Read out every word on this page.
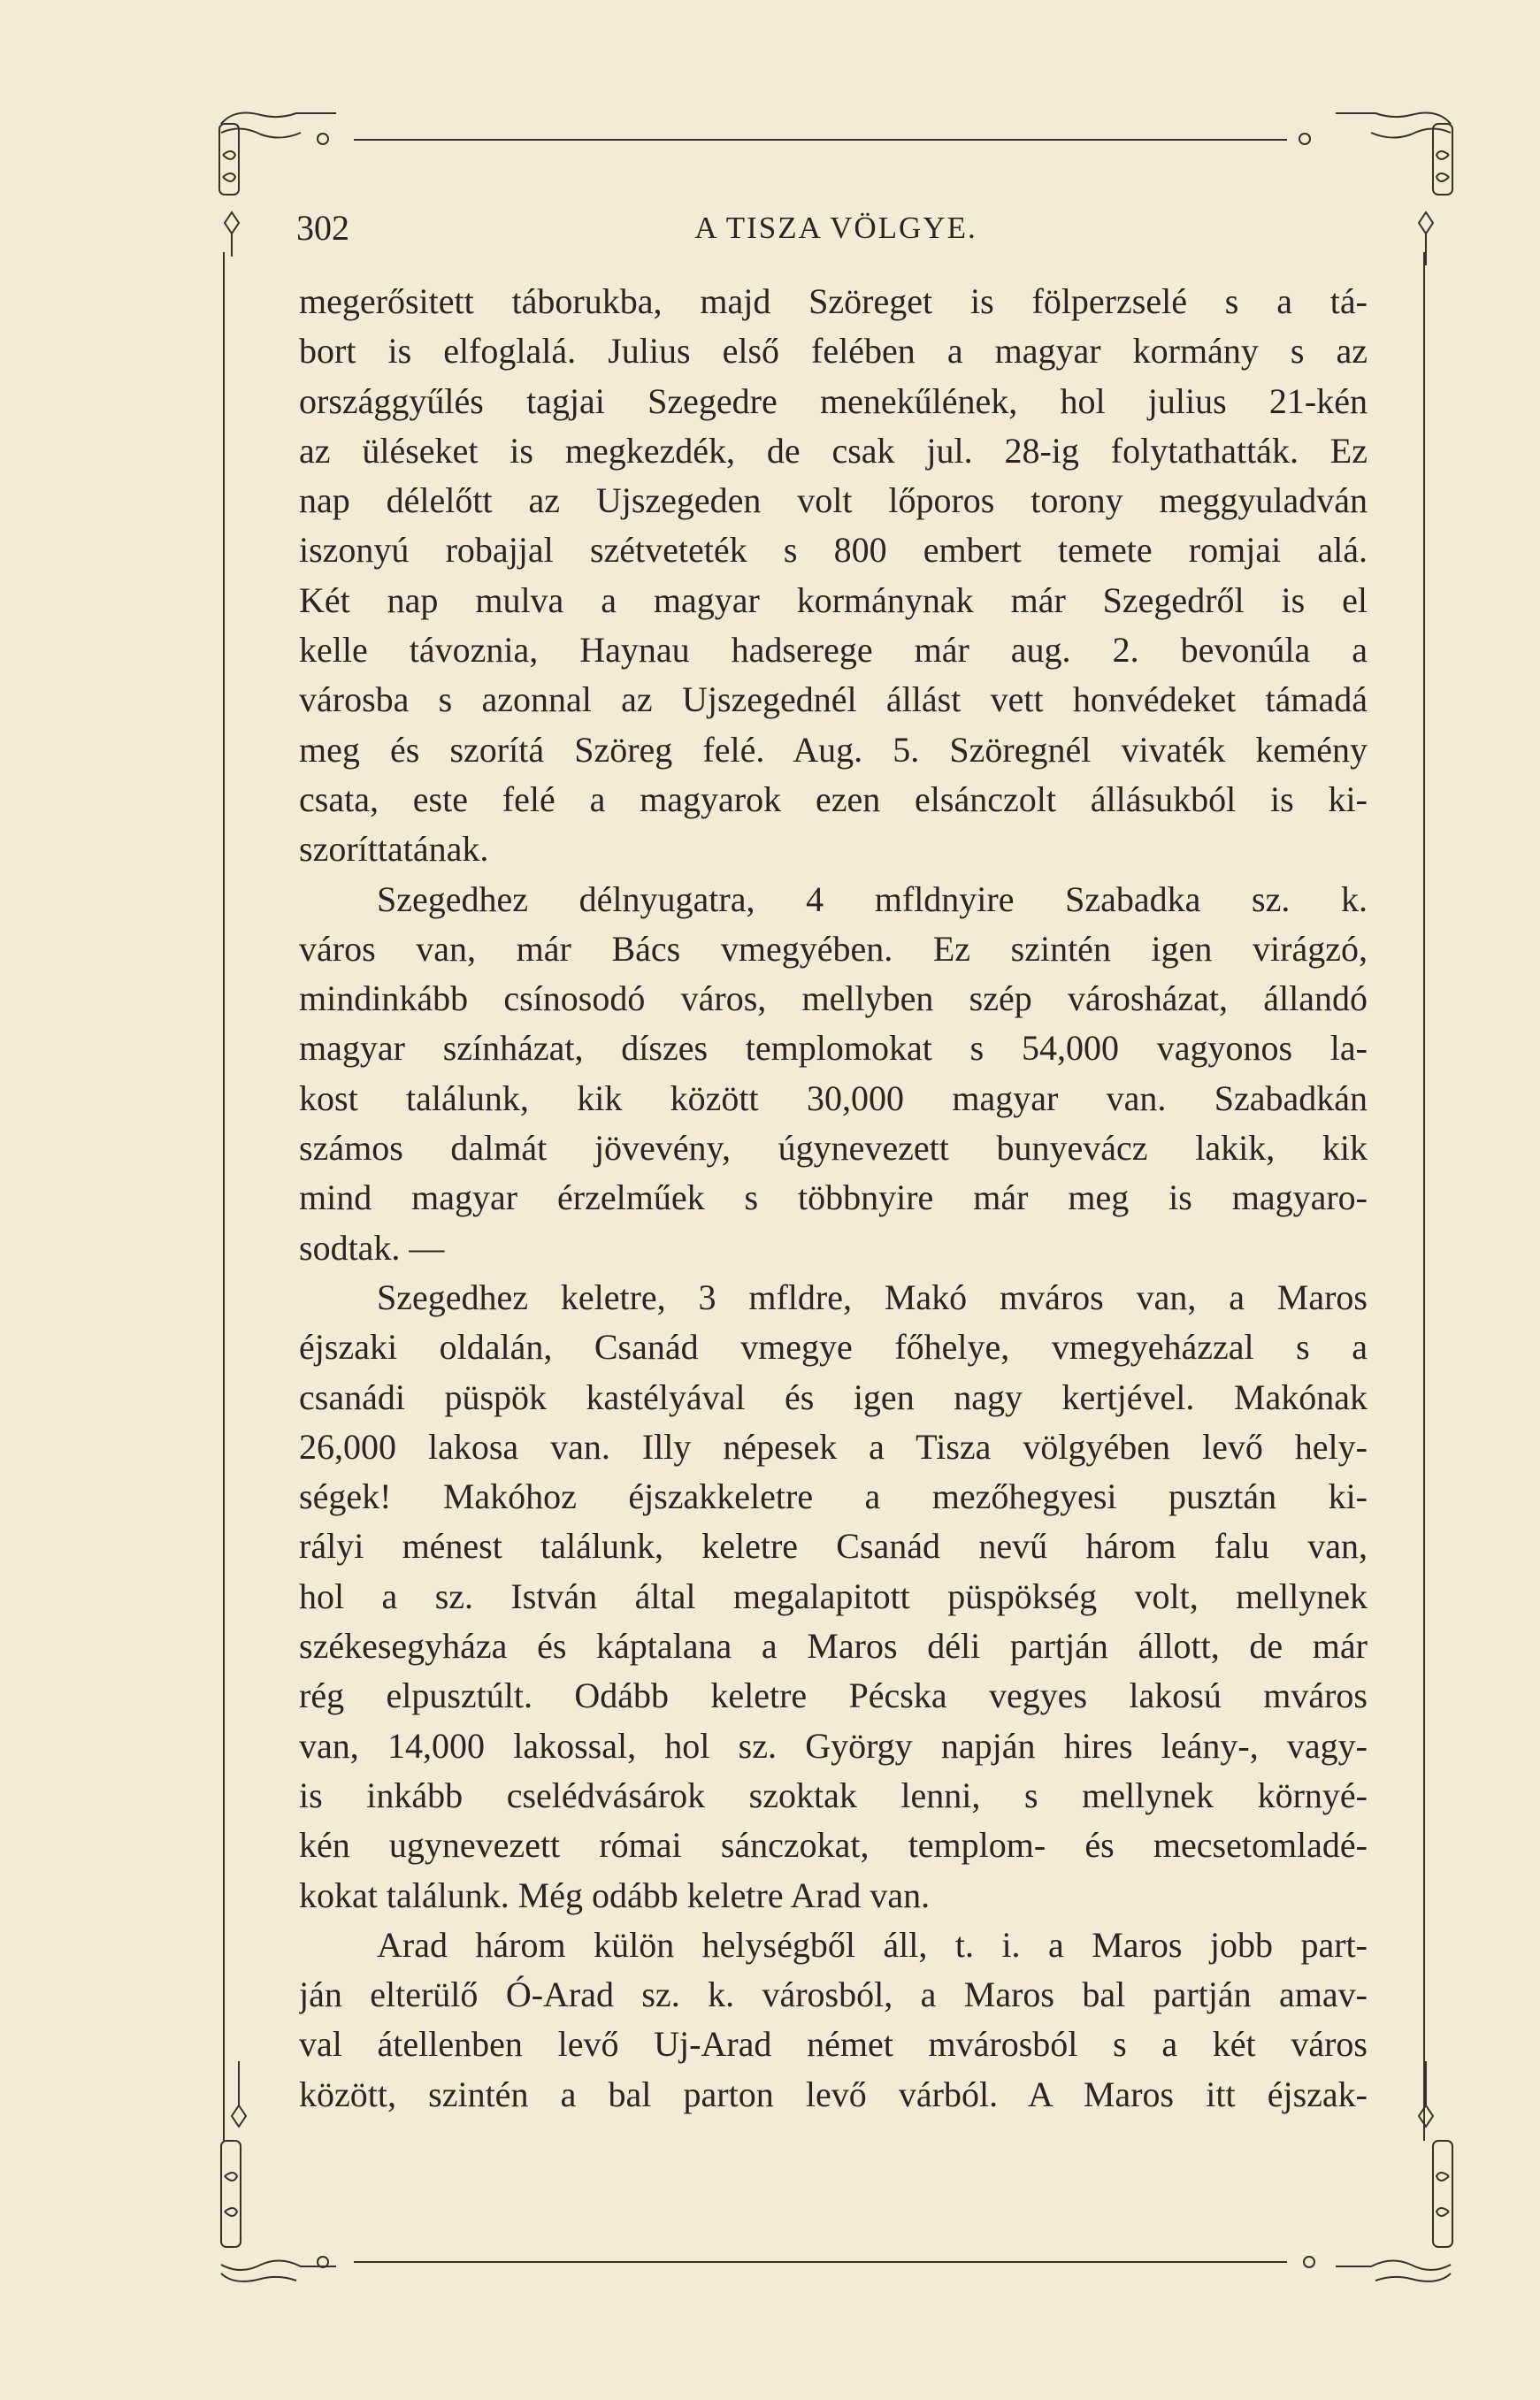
302	A TISZA VÖLGYE.
megerősitett táborukba, majd Szöreget is fölperzselé s a tá-
bort is elfoglalá. Julius első felében a magyar kormány s az
országgyűlés tagjai Szegedre menekűlének, hol julius 21-kén
az üléseket is megkezdék, de csak jul. 28-ig folytathatták. Ez
nap délelőtt az Ujszegeden volt lőporos torony meggyuladván
iszonyú robajjal szétveteték s 800 embert temete romjai alá.
Két nap mulva a magyar kormánynak már Szegedről is el
kelle távoznia, Haynau hadserege már aug. 2. bevonúla a
városba s azonnal az Ujszegednél állást vett honvédeket támadá
meg és szorítá Szöreg felé. Aug. 5. Szöregnél vivaték kemény
csata, este felé a magyarok ezen elsánczolt állásukból is ki-
szoríttatának.
Szegedhez délnyugatra, 4 mfldnyire Szabadka sz. k.
város van, már Bács vmegyében. Ez szintén igen virágzó,
mindinkább csínosodó város, mellyben szép városházat, állandó
magyar színházat, díszes templomokat s 54,000 vagyonos la-
kost találunk, kik között 30,000 magyar van. Szabadkán
számos dalmát jövevény, úgynevezett bunyevácz lakik, kik
mind magyar érzelműek s többnyire már meg is magyaro-
sodtak. —
Szegedhez keletre, 3 mfldre, Makó mváros van, a Maros
éjszaki oldalán, Csanád vmegye főhelye, vmegyeházzal s a
csanádi püspök kastélyával és igen nagy kertjével. Makónak
26,000 lakosa van. Illy népesek a Tisza völgyében levő hely-
ségek! Makóhoz éjszakkeletre a mezőhegyesi pusztán ki-
rályi ménest találunk, keletre Csanád nevű három falu van,
hol a sz. István által megalapitott püspökség volt, mellynek
székesegyháza és káptalana a Maros déli partján állott, de már
rég elpusztúlt. Odább keletre Pécska vegyes lakosú mváros
van, 14,000 lakossal, hol sz. György napján hires leány-, vagy-
is inkább cselédvásárok szoktak lenni, s mellynek környé-
kén ugynevezett római sánczokat, templom- és mecsetomladé-
kokat találunk. Még odább keletre Arad van.
Arad három külön helységből áll, t. i. a Maros jobb part-
ján elterülő Ó-Arad sz. k. városból, a Maros bal partján amav-
val átellenben levő Uj-Arad német mvárosból s a két város
között, szintén a bal parton levő várból. A Maros itt éjszak-
